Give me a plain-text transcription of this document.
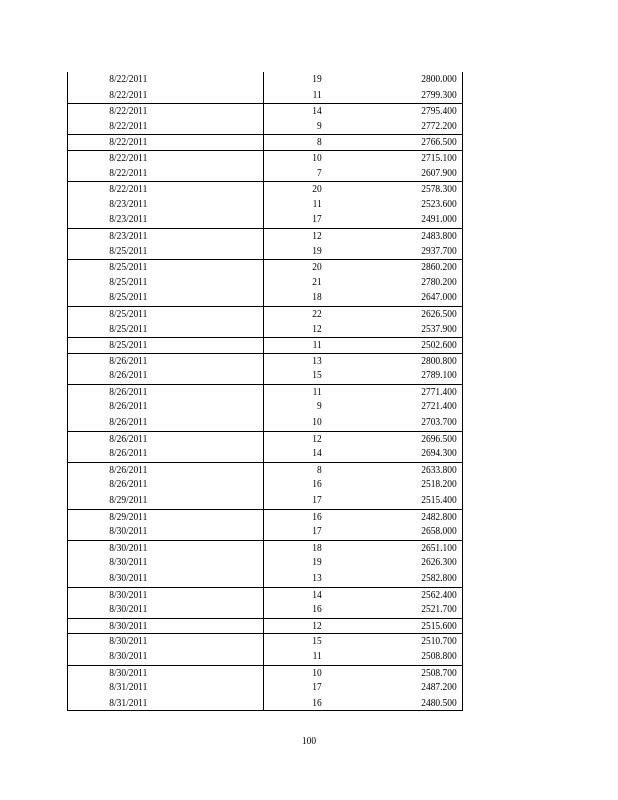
8/22/2011	19	2800.000
8/22/2011	11	2799.300
8/22/2011	14	2795.400
8/22/2011	9	2772.200
8/22/2011	8	2766.500
8/22/2011	10	2715.100
8/22/2011	7	2607.900
8/22/2011	20	2578.300
8/23/2011	11	2523.600
8/23/2011	17	2491.000
8/23/2011	12	2483.800
8/25/2011	19	2937.700
8/25/2011	20	2860.200
8/25/2011	21	2780.200
8/25/2011	18	2647.000
8/25/2011	22	2626.500
8/25/2011	12	2537.900
8/25/2011	11	2502.600
8/26/2011	13	2800.800
8/26/2011	15	2789.100
8/26/2011	11	2771.400
8/26/2011	9	2721.400
8/26/2011	10	2703.700
8/26/2011	12	2696.500
8/26/2011	14	2694.300
8/26/2011	8	2633.800
8/26/2011	16	2518.200
8/29/2011	17	2515.400
8/29/2011	16	2482.800
8/30/2011	17	2658.000
8/30/2011	18	2651.100
8/30/2011	19	2626.300
8/30/2011	13	2582.800
8/30/2011	14	2562.400
8/30/2011	16	2521.700
8/30/2011	12	2515.600
8/30/2011	15	2510.700
8/30/2011	11	2508.800
8/30/2011	10	2508.700
8/31/2011	17	2487.200
8/31/2011	16	2480.500
100
